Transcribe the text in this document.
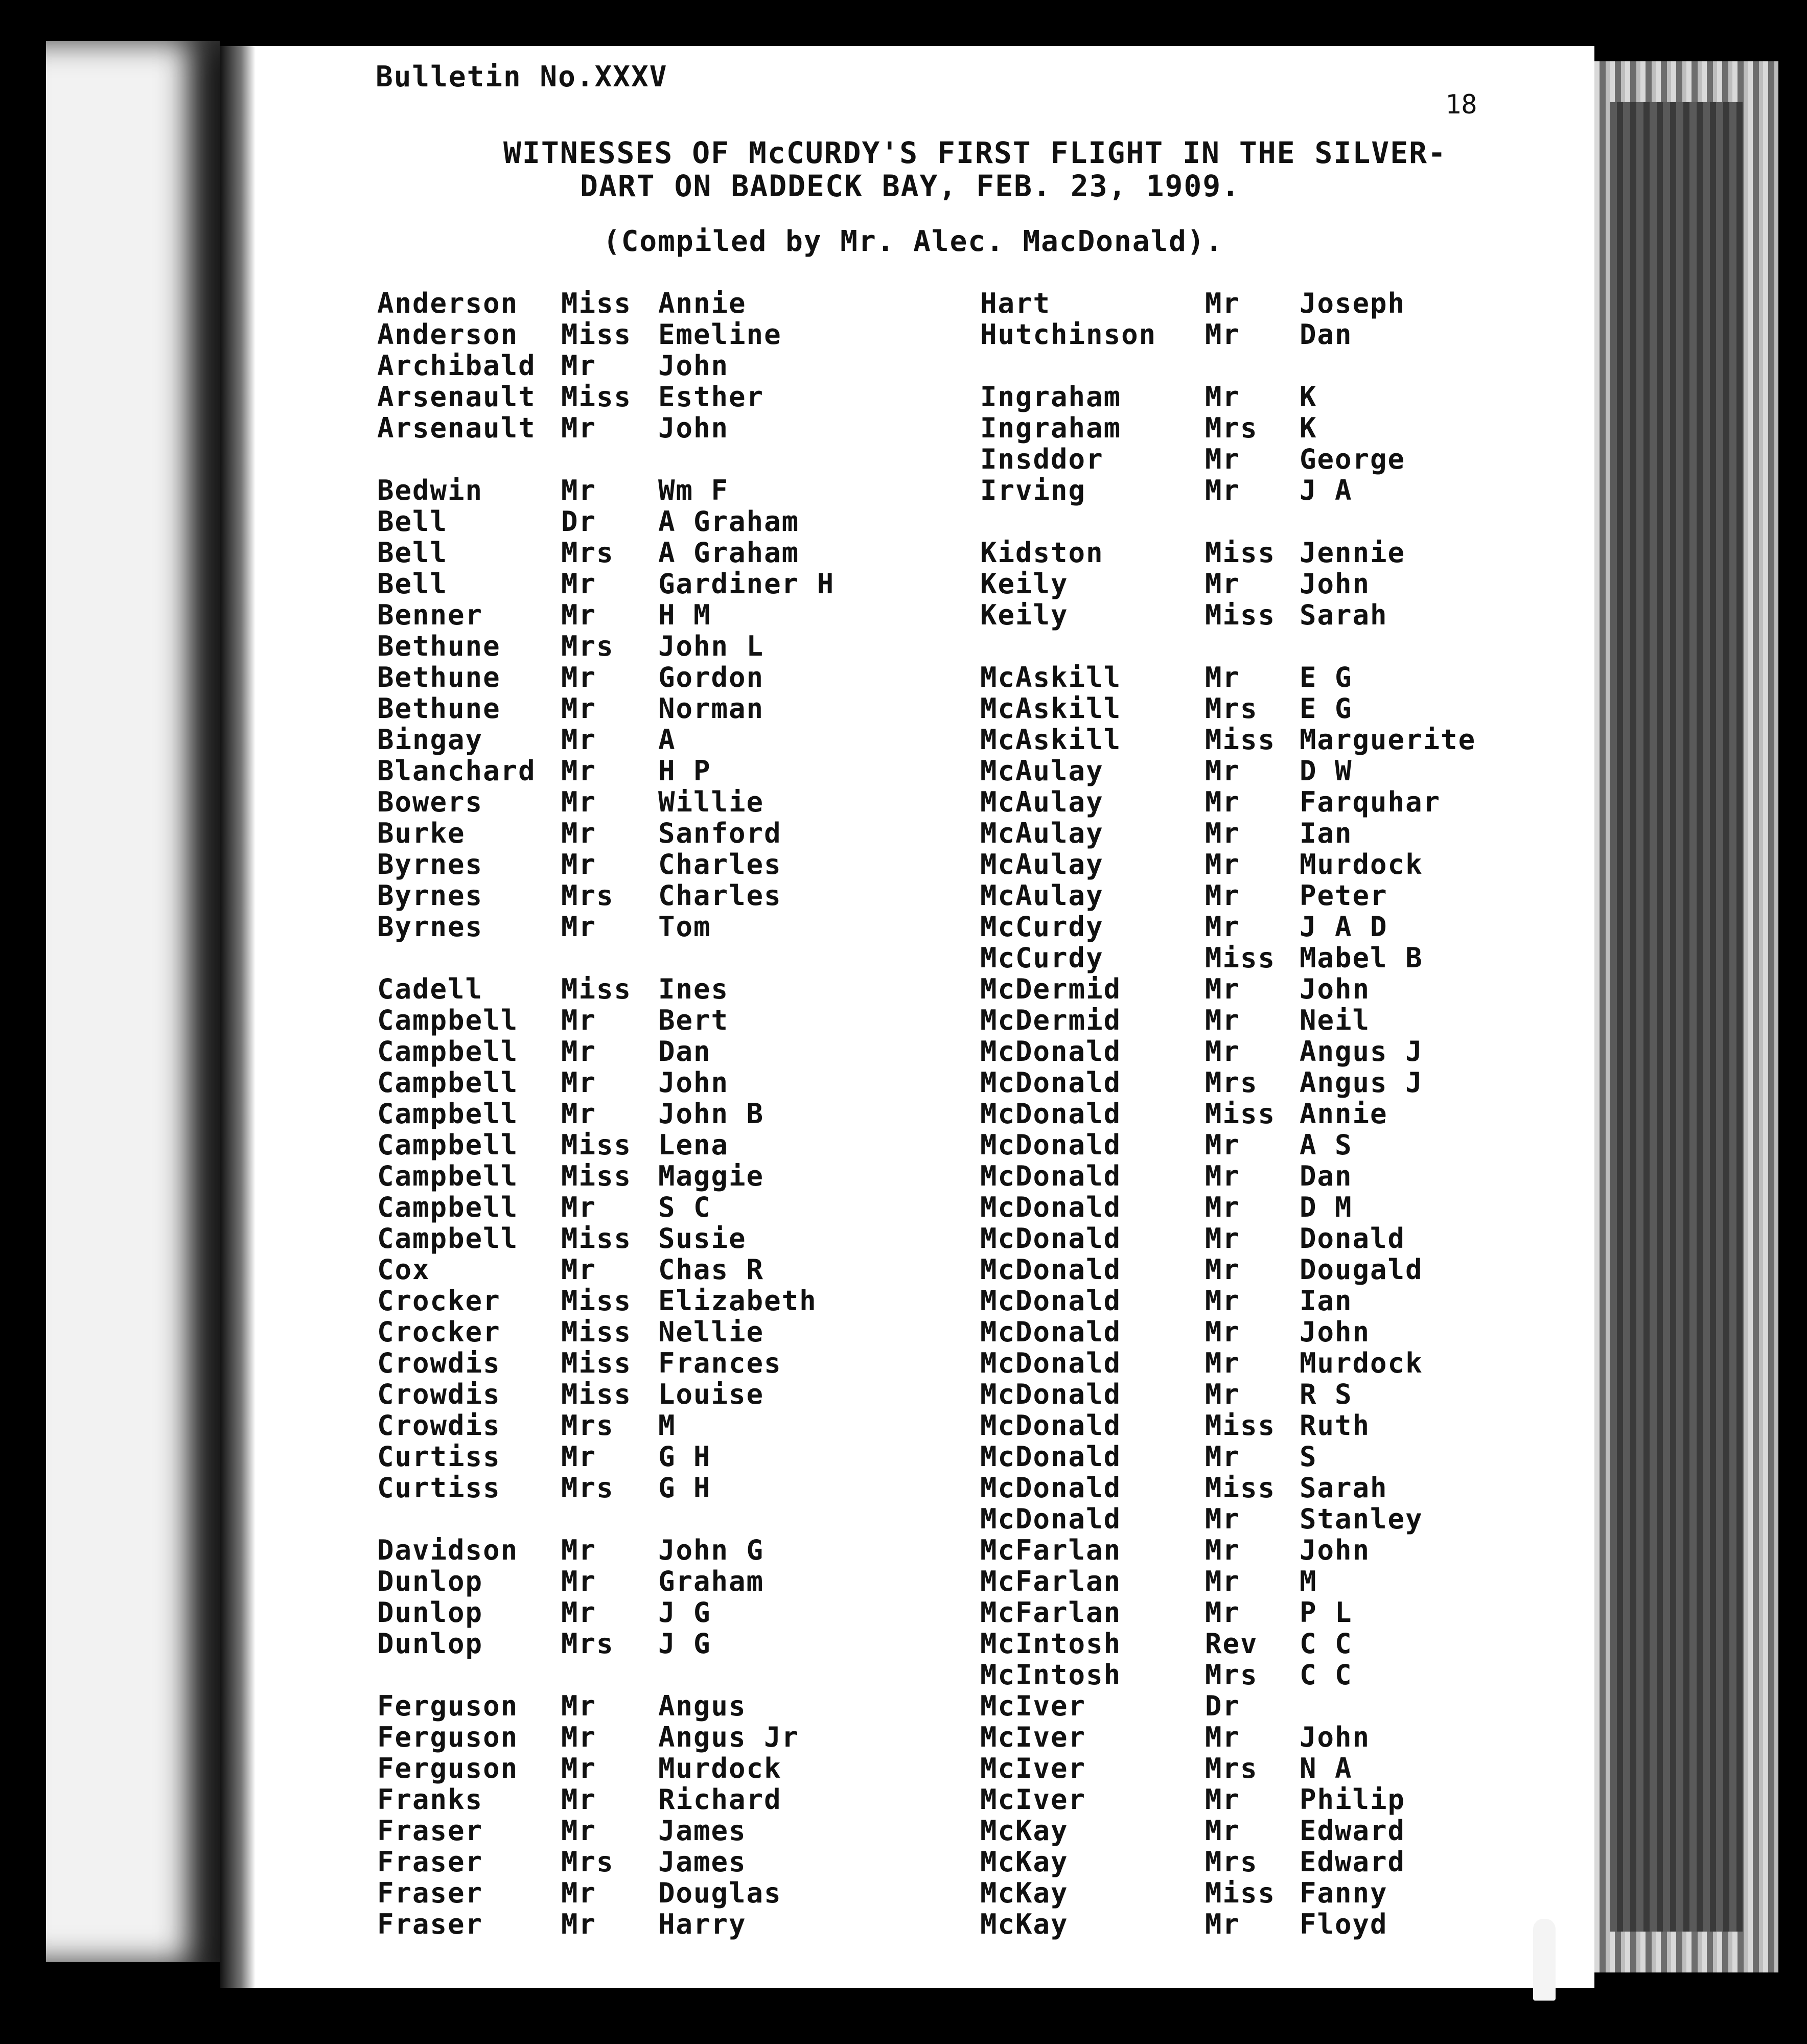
Bulletin No.XXXV
18
WITNESSES OF McCURDY'S FIRST FLIGHT IN THE SILVER-
DART ON BADDECK BAY, FEB. 23, 1909.
(Compiled by Mr. Alec. MacDonald).
Anderson Miss Annie
Anderson Miss Emeline
Archibald Mr John
Arsenault Miss Esther
Arsenault Mr John
Bedwin	Mr Wm F
Bell	Dr A Graham
Bell	Mrs A Graham
Bell	Mr Gardiner H
Benner	Mr H M
Bethune Mrs John L
Bethune Mr Gordon
Bethune Mr Norman
Bingay	Mr A
Blanchard Mr H P
Bowers	Mr Willie
Burke	Mr Sanford
Byrnes	Mr Charles
Byrnes	Mrs Charles
Byrnes	Mr Tom
Cadell	Miss Ines
Campbell Mr Bert
Campbell Mr Dan
Campbell Mr John
Campbell Mr John B
Campbell Miss Lena
Campbell Miss Maggie
Campbell Mr S C
Campbell Miss Susie
Cox	Mr Chas R
Crocker Miss Elizabeth
Crocker Miss Nellie
Crowdis Miss Frances
Crowdis Miss Louise
Crowdis Mrs M
Curtiss Mr G H
Curtiss Mrs G H
Davidson Mr John G
Dunlop	Mr Graham
Dunlop	Mr J G
Dunlop	Mrs J G
Ferguson Mr Angus
Ferguson Mr Angus Jr
Ferguson Mr Murdock
Franks	Mr Richard
Fraser	Mr James
Fraser	Mrs James
Fraser	Mr Douglas
Fraser	Mr Harry
Hart	Mr Joseph
Hutchinson Mr Dan
Ingraham	Mr K
Ingraham	Mrs K
Insddor	Mr George
Irving	Mr J A
Kidston	Miss Jennie
Keily	Mr John
Keily	Miss Sarah
McAskill	Mr E G
McAskill	Mrs E G
McAskill	Miss Marguerite
McAulay	Mr D W
McAulay	Mr Farquhar
McAulay	Mr Ian
McAulay	Mr Murdock
McAulay	Mr Peter
McCurdy	Mr J A D
McCurdy	Miss Mabel B
McDermid	Mr John
McDermid	Mr Neil
McDonald	Mr Angus J
McDonald	Mrs Angus J
McDonald	Miss Annie
McDonald	Mr A S
McDonald	Mr Dan
McDonald	Mr D M
McDonald	Mr Donald
McDonald	Mr Dougald
McDonald	Mr Ian
McDonald	Mr John
McDonald	Mr Murdock
McDonald	Mr R S
McDonald	Miss Ruth
McDonald	Mr S
McDonald	Miss Sarah
McDonald	Mr Stanley
McFarlan	Mr John
McFarlan	Mr M
McFarlan	Mr P L
McIntosh	Rev C C
McIntosh	Mrs C C
McIver	Dr
McIver	Mr John
McIver	Mrs N A
McIver	Mr Philip
McKay	Mr Edward
McKay	Mrs Edward
McKay	Miss Fanny
McKay	Mr Floyd
